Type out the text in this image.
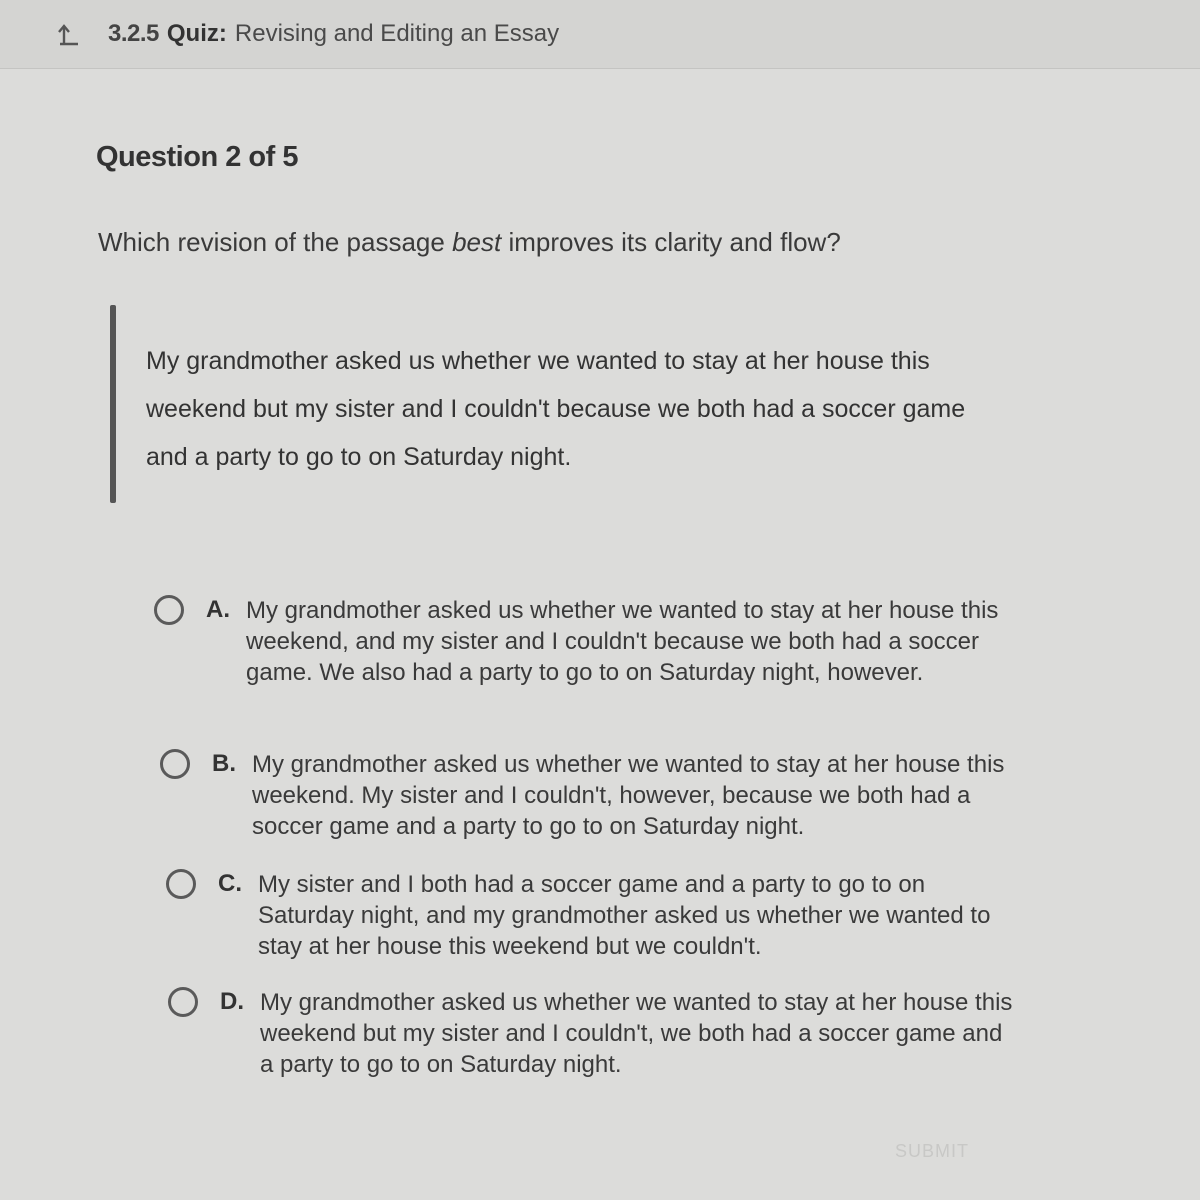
3.2.5 Quiz: Revising and Editing an Essay
Question 2 of 5
Which revision of the passage best improves its clarity and flow?
My grandmother asked us whether we wanted to stay at her house this weekend but my sister and I couldn't because we both had a soccer game and a party to go to on Saturday night.
A. My grandmother asked us whether we wanted to stay at her house this weekend, and my sister and I couldn't because we both had a soccer game. We also had a party to go to on Saturday night, however.
B. My grandmother asked us whether we wanted to stay at her house this weekend. My sister and I couldn't, however, because we both had a soccer game and a party to go to on Saturday night.
C. My sister and I both had a soccer game and a party to go to on Saturday night, and my grandmother asked us whether we wanted to stay at her house this weekend but we couldn't.
D. My grandmother asked us whether we wanted to stay at her house this weekend but my sister and I couldn't, we both had a soccer game and a party to go to on Saturday night.
SUBMIT
